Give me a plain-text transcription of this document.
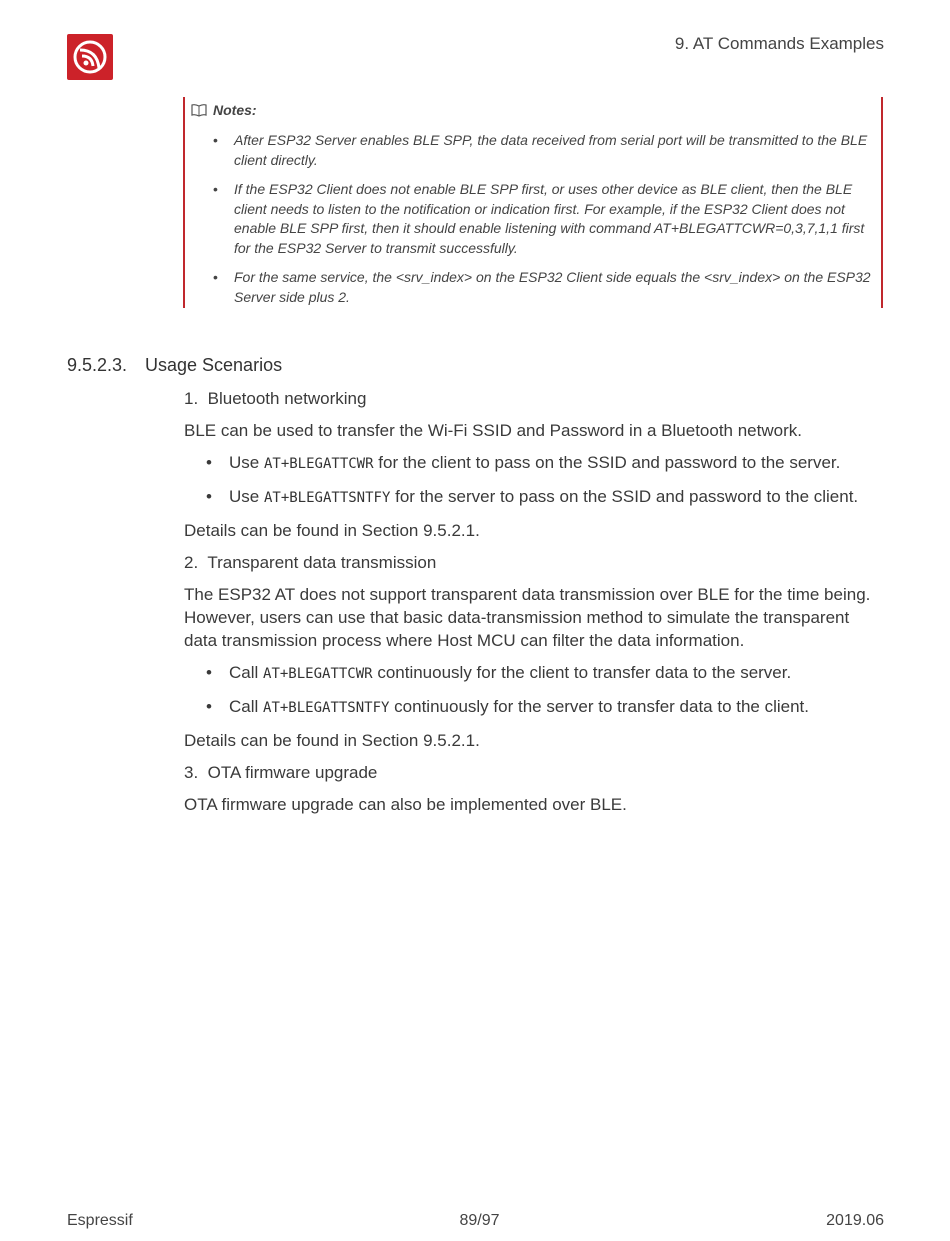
9. AT Commands Examples
Notes:
• After ESP32 Server enables BLE SPP, the data received from serial port will be transmitted to the BLE client directly.
• If the ESP32 Client does not enable BLE SPP first, or uses other device as BLE client, then the BLE client needs to listen to the notification or indication first. For example, if the ESP32 Client does not enable BLE SPP first, then it should enable listening with command AT+BLEGATTCWR=0,3,7,1,1 first for the ESP32 Server to transmit successfully.
• For the same service, the <srv_index> on the ESP32 Client side equals the <srv_index> on the ESP32 Server side plus 2.
9.5.2.3. Usage Scenarios
1. Bluetooth networking

BLE can be used to transfer the Wi-Fi SSID and Password in a Bluetooth network.

• Use AT+BLEGATTCWR for the client to pass on the SSID and password to the server.
• Use AT+BLEGATTSNTFY for the server to pass on the SSID and password to the client.

Details can be found in Section 9.5.2.1.

2. Transparent data transmission

The ESP32 AT does not support transparent data transmission over BLE for the time being. However, users can use that basic data-transmission method to simulate the transparent data transmission process where Host MCU can filter the data information.

• Call AT+BLEGATTCWR continuously for the client to transfer data to the server.
• Call AT+BLEGATTSNTFY continuously for the server to transfer data to the client.

Details can be found in Section 9.5.2.1.

3. OTA firmware upgrade

OTA firmware upgrade can also be implemented over BLE.

Espressif	89/97	2019.06
